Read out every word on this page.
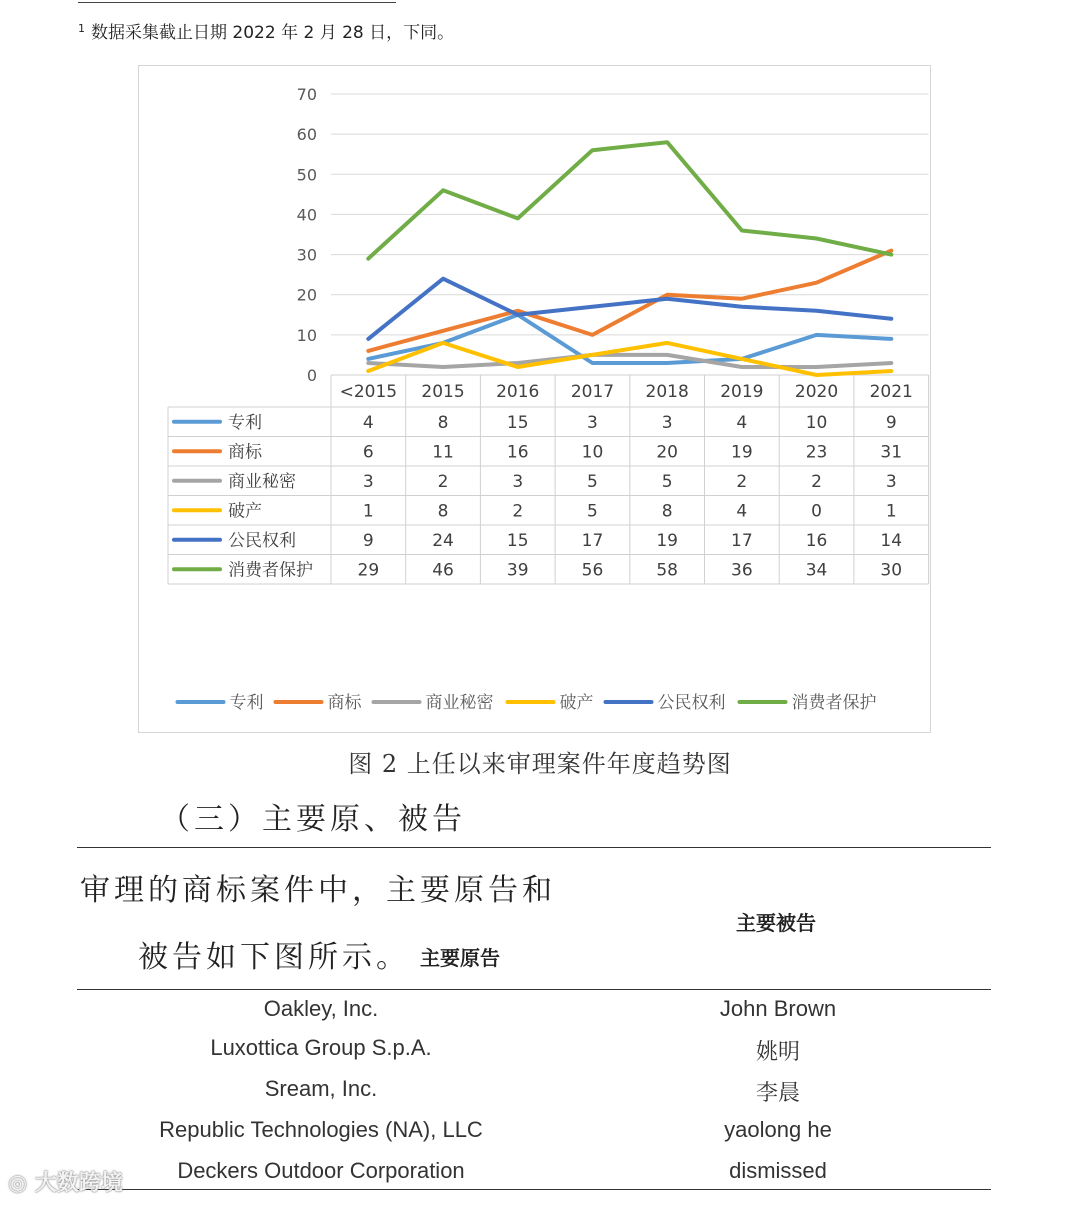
$^1$ 数据采集截止日期 2022 年 2 月 28 日，下同。
0
10
20
30
40
50
60
70
<2015 2015 2016 2017 2018 2019 2020 2021
专利	4	8	15	3	3	4	10	9
商标	6	11	16	10	20	19	23	31
商业秘密	3	2	3	5	5	2	2	3
破产	1	8	2	5	8	4	0	1
公民权利	9	24	15	17	19	17	16	14
消费者保护	29	46	39	56	58	36	34	30
专利	商标	商业秘密	破产	公民权利	消费者保护
图 2 上任以来审理案件年度趋势图
（三）主要原、被告
审理的商标案件中，主要原告和
被告如下图所示。 主要原告
主要被告
Oakley, Inc.	John Brown
Luxottica Group S.p.A.	姚明
Sream, Inc.	李晨
Republic Technologies (NA), LLC	yaolong he
Deckers Outdoor Corporation	dismissed
◎ 大数跨境
